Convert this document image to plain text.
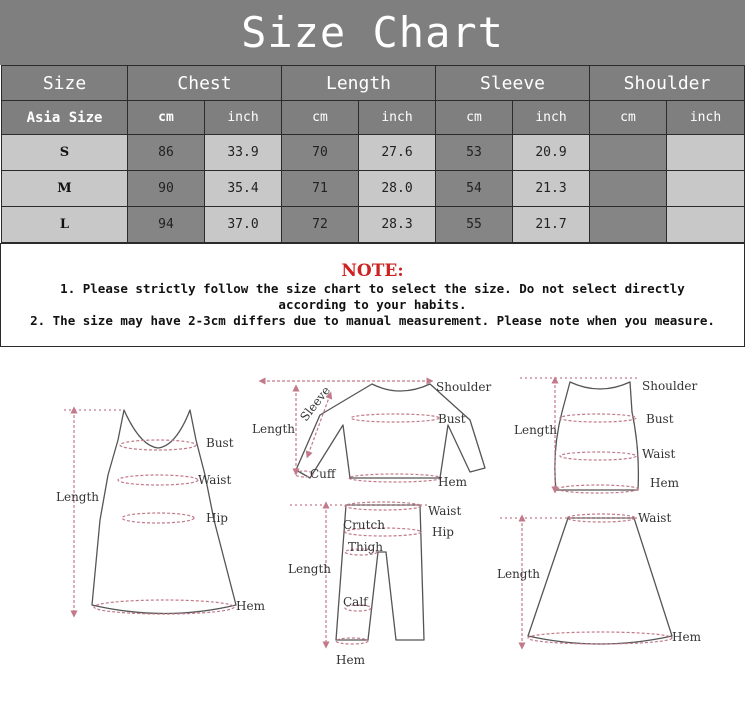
Size Chart
Size	Chest		Length		Sleeve		Shoulder	
Asia Size	cm	inch	cm	inch	cm	inch	cm	inch
S	86	33.9	70	27.6	53	20.9		
M	90	35.4	71	28.0	54	21.3		
L	94	37.0	72	28.3	55	21.7		
NOTE:
1. Please strictly follow the size chart to select the size. Do not select directly
according to your habits.
2. The size may have 2-3cm differs due to manual measurement. Please note when you measure.
Bust
Waist
Hip
Length
Hem
Shoulder
Sleeve
Length
Bust
Cuff
Hem
Shoulder
Bust
Length
Waist
Hem
Waist
Crutch	Hip
Thigh
Length
Calf
Hem
Waist
Length
Hem
